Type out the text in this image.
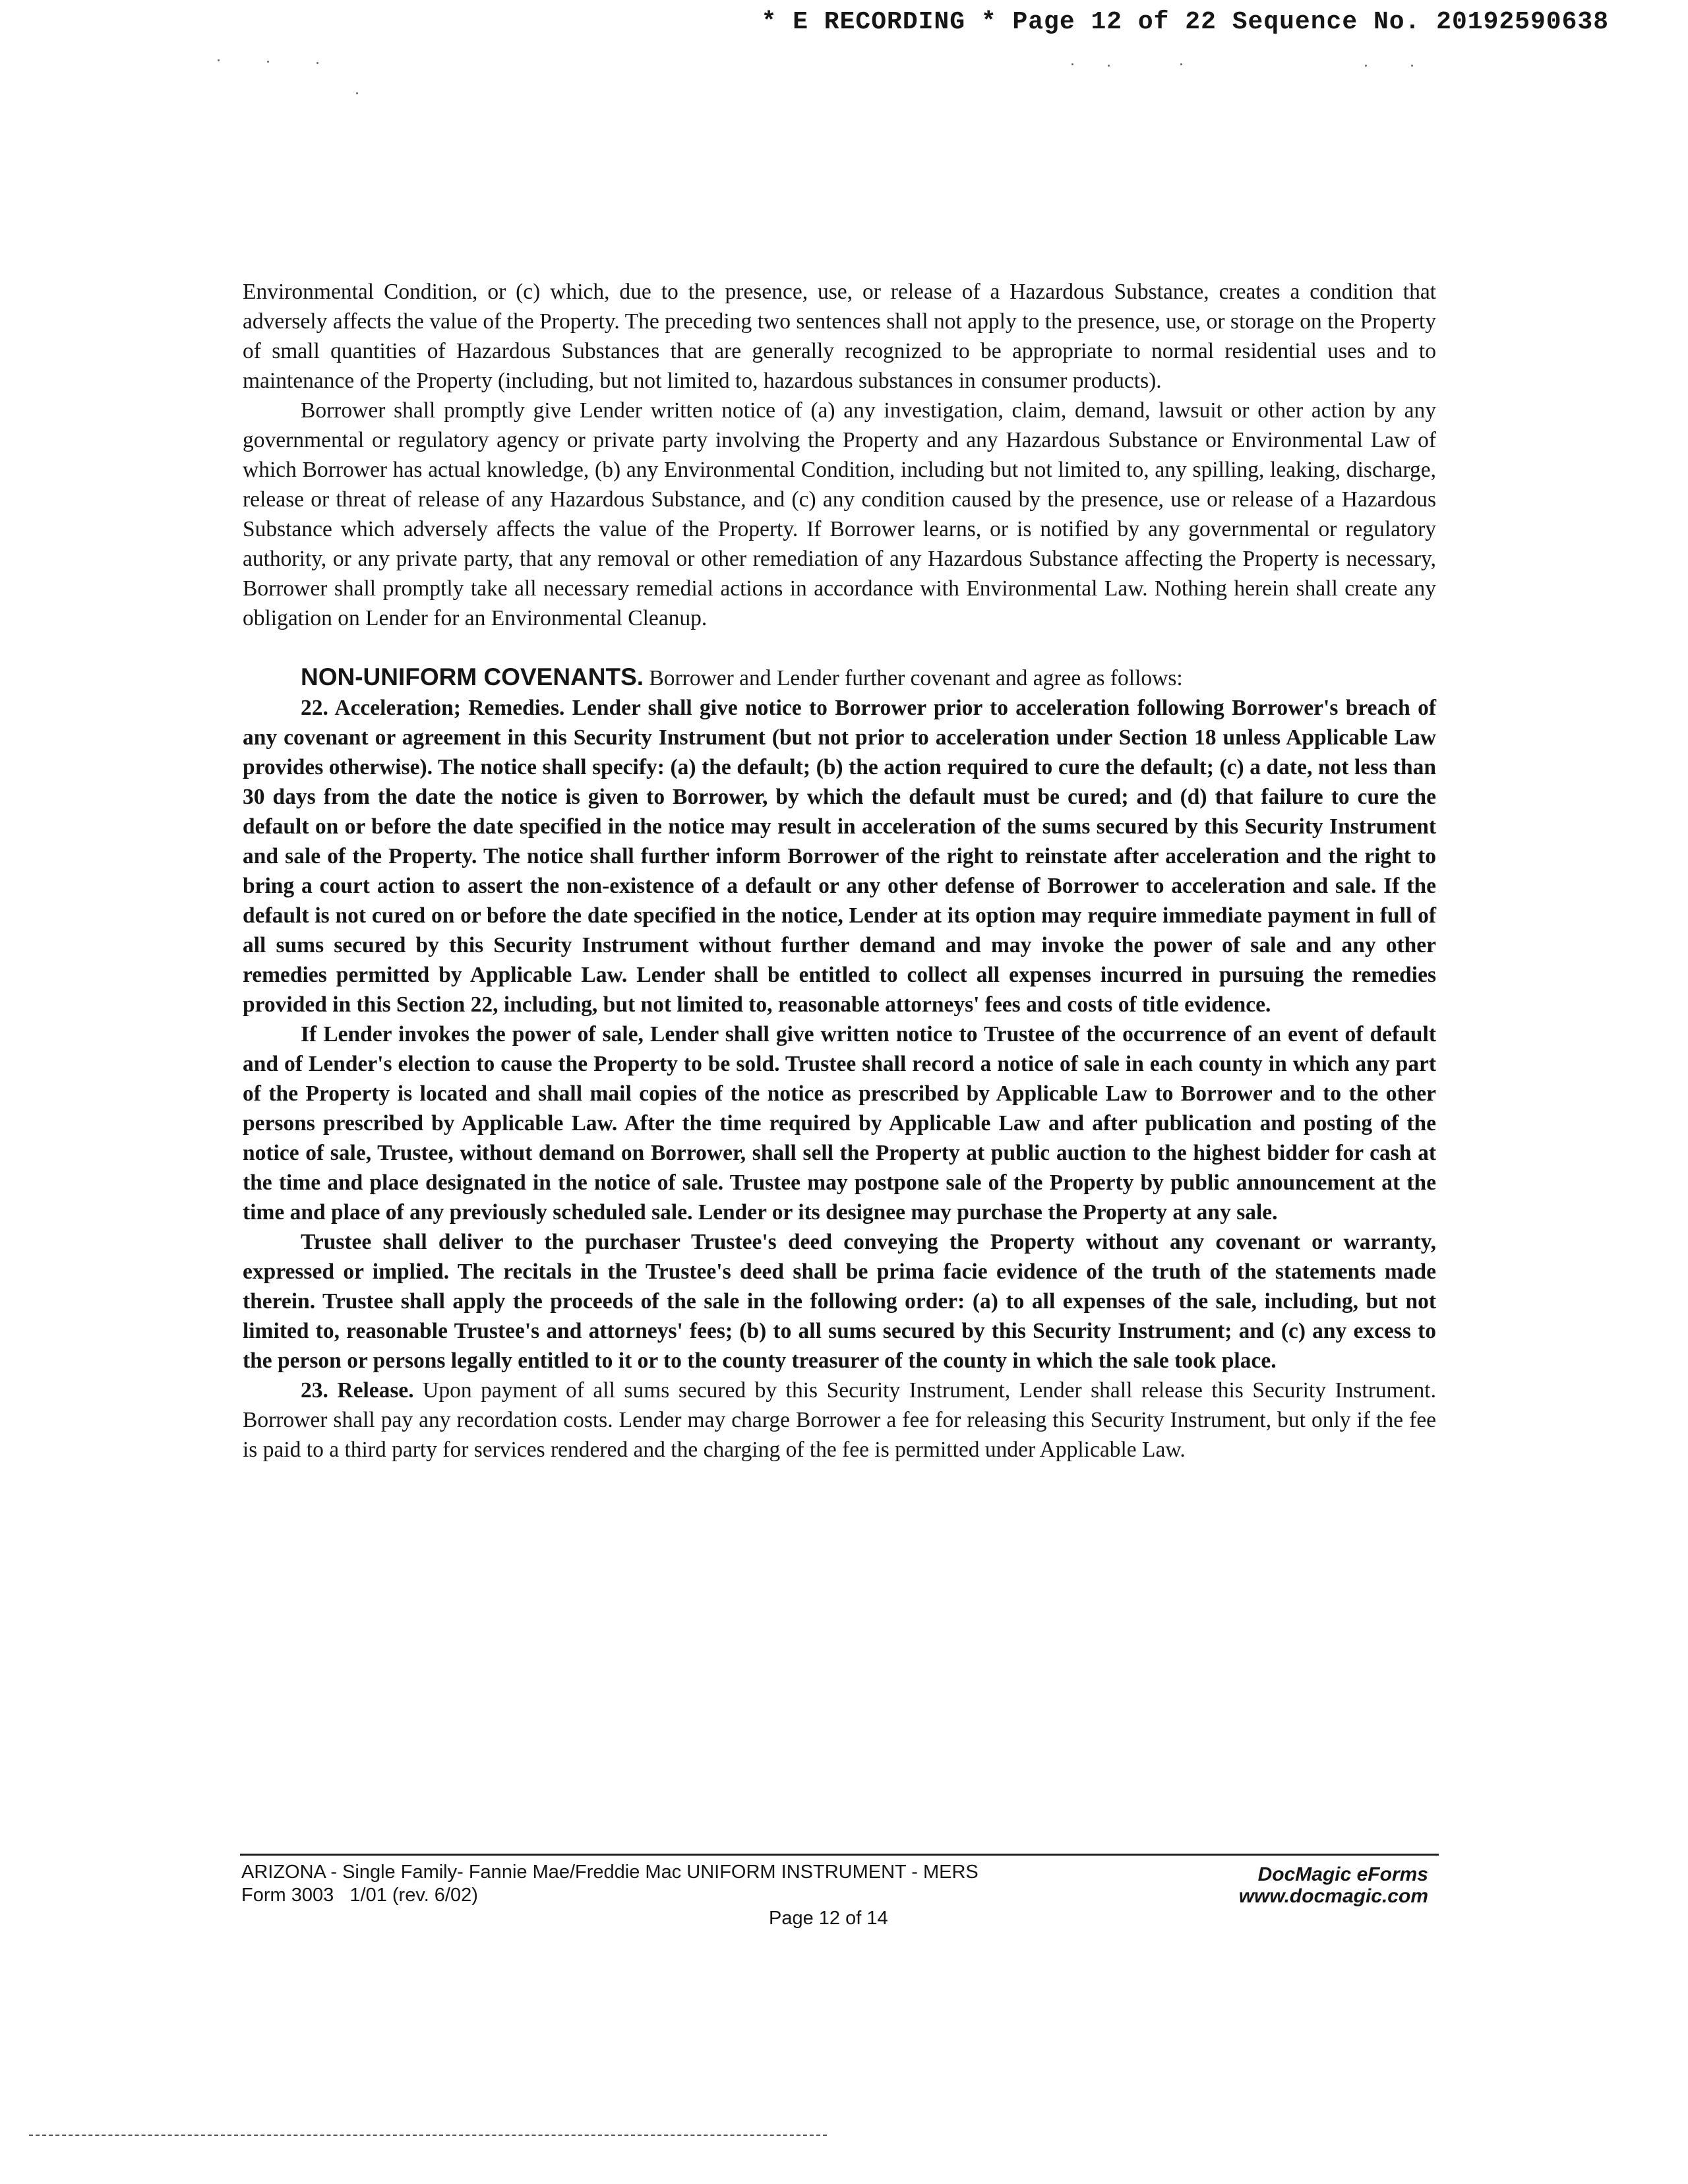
* E RECORDING * Page 12 of 22 Sequence No. 20192590638

Environmental Condition, or (c) which, due to the presence, use, or release of a Hazardous Substance, creates a condition that adversely affects the value of the Property. The preceding two sentences shall not apply to the presence, use, or storage on the Property of small quantities of Hazardous Substances that are generally recognized to be appropriate to normal residential uses and to maintenance of the Property (including, but not limited to, hazardous substances in consumer products).

Borrower shall promptly give Lender written notice of (a) any investigation, claim, demand, lawsuit or other action by any governmental or regulatory agency or private party involving the Property and any Hazardous Substance or Environmental Law of which Borrower has actual knowledge, (b) any Environmental Condition, including but not limited to, any spilling, leaking, discharge, release or threat of release of any Hazardous Substance, and (c) any condition caused by the presence, use or release of a Hazardous Substance which adversely affects the value of the Property. If Borrower learns, or is notified by any governmental or regulatory authority, or any private party, that any removal or other remediation of any Hazardous Substance affecting the Property is necessary, Borrower shall promptly take all necessary remedial actions in accordance with Environmental Law. Nothing herein shall create any obligation on Lender for an Environmental Cleanup.

NON-UNIFORM COVENANTS. Borrower and Lender further covenant and agree as follows:

22. Acceleration; Remedies. Lender shall give notice to Borrower prior to acceleration following Borrower's breach of any covenant or agreement in this Security Instrument (but not prior to acceleration under Section 18 unless Applicable Law provides otherwise). The notice shall specify: (a) the default; (b) the action required to cure the default; (c) a date, not less than 30 days from the date the notice is given to Borrower, by which the default must be cured; and (d) that failure to cure the default on or before the date specified in the notice may result in acceleration of the sums secured by this Security Instrument and sale of the Property. The notice shall further inform Borrower of the right to reinstate after acceleration and the right to bring a court action to assert the non-existence of a default or any other defense of Borrower to acceleration and sale. If the default is not cured on or before the date specified in the notice, Lender at its option may require immediate payment in full of all sums secured by this Security Instrument without further demand and may invoke the power of sale and any other remedies permitted by Applicable Law. Lender shall be entitled to collect all expenses incurred in pursuing the remedies provided in this Section 22, including, but not limited to, reasonable attorneys' fees and costs of title evidence.

If Lender invokes the power of sale, Lender shall give written notice to Trustee of the occurrence of an event of default and of Lender's election to cause the Property to be sold. Trustee shall record a notice of sale in each county in which any part of the Property is located and shall mail copies of the notice as prescribed by Applicable Law to Borrower and to the other persons prescribed by Applicable Law. After the time required by Applicable Law and after publication and posting of the notice of sale, Trustee, without demand on Borrower, shall sell the Property at public auction to the highest bidder for cash at the time and place designated in the notice of sale. Trustee may postpone sale of the Property by public announcement at the time and place of any previously scheduled sale. Lender or its designee may purchase the Property at any sale.

Trustee shall deliver to the purchaser Trustee's deed conveying the Property without any covenant or warranty, expressed or implied. The recitals in the Trustee's deed shall be prima facie evidence of the truth of the statements made therein. Trustee shall apply the proceeds of the sale in the following order: (a) to all expenses of the sale, including, but not limited to, reasonable Trustee's and attorneys' fees; (b) to all sums secured by this Security Instrument; and (c) any excess to the person or persons legally entitled to it or to the county treasurer of the county in which the sale took place.

23. Release. Upon payment of all sums secured by this Security Instrument, Lender shall release this Security Instrument. Borrower shall pay any recordation costs. Lender may charge Borrower a fee for releasing this Security Instrument, but only if the fee is paid to a third party for services rendered and the charging of the fee is permitted under Applicable Law.

ARIZONA - Single Family- Fannie Mae/Freddie Mac UNIFORM INSTRUMENT - MERS
Form 3003   1/01 (rev. 6/02)
DocMagic eForms
www.docmagic.com
Page 12 of 14
